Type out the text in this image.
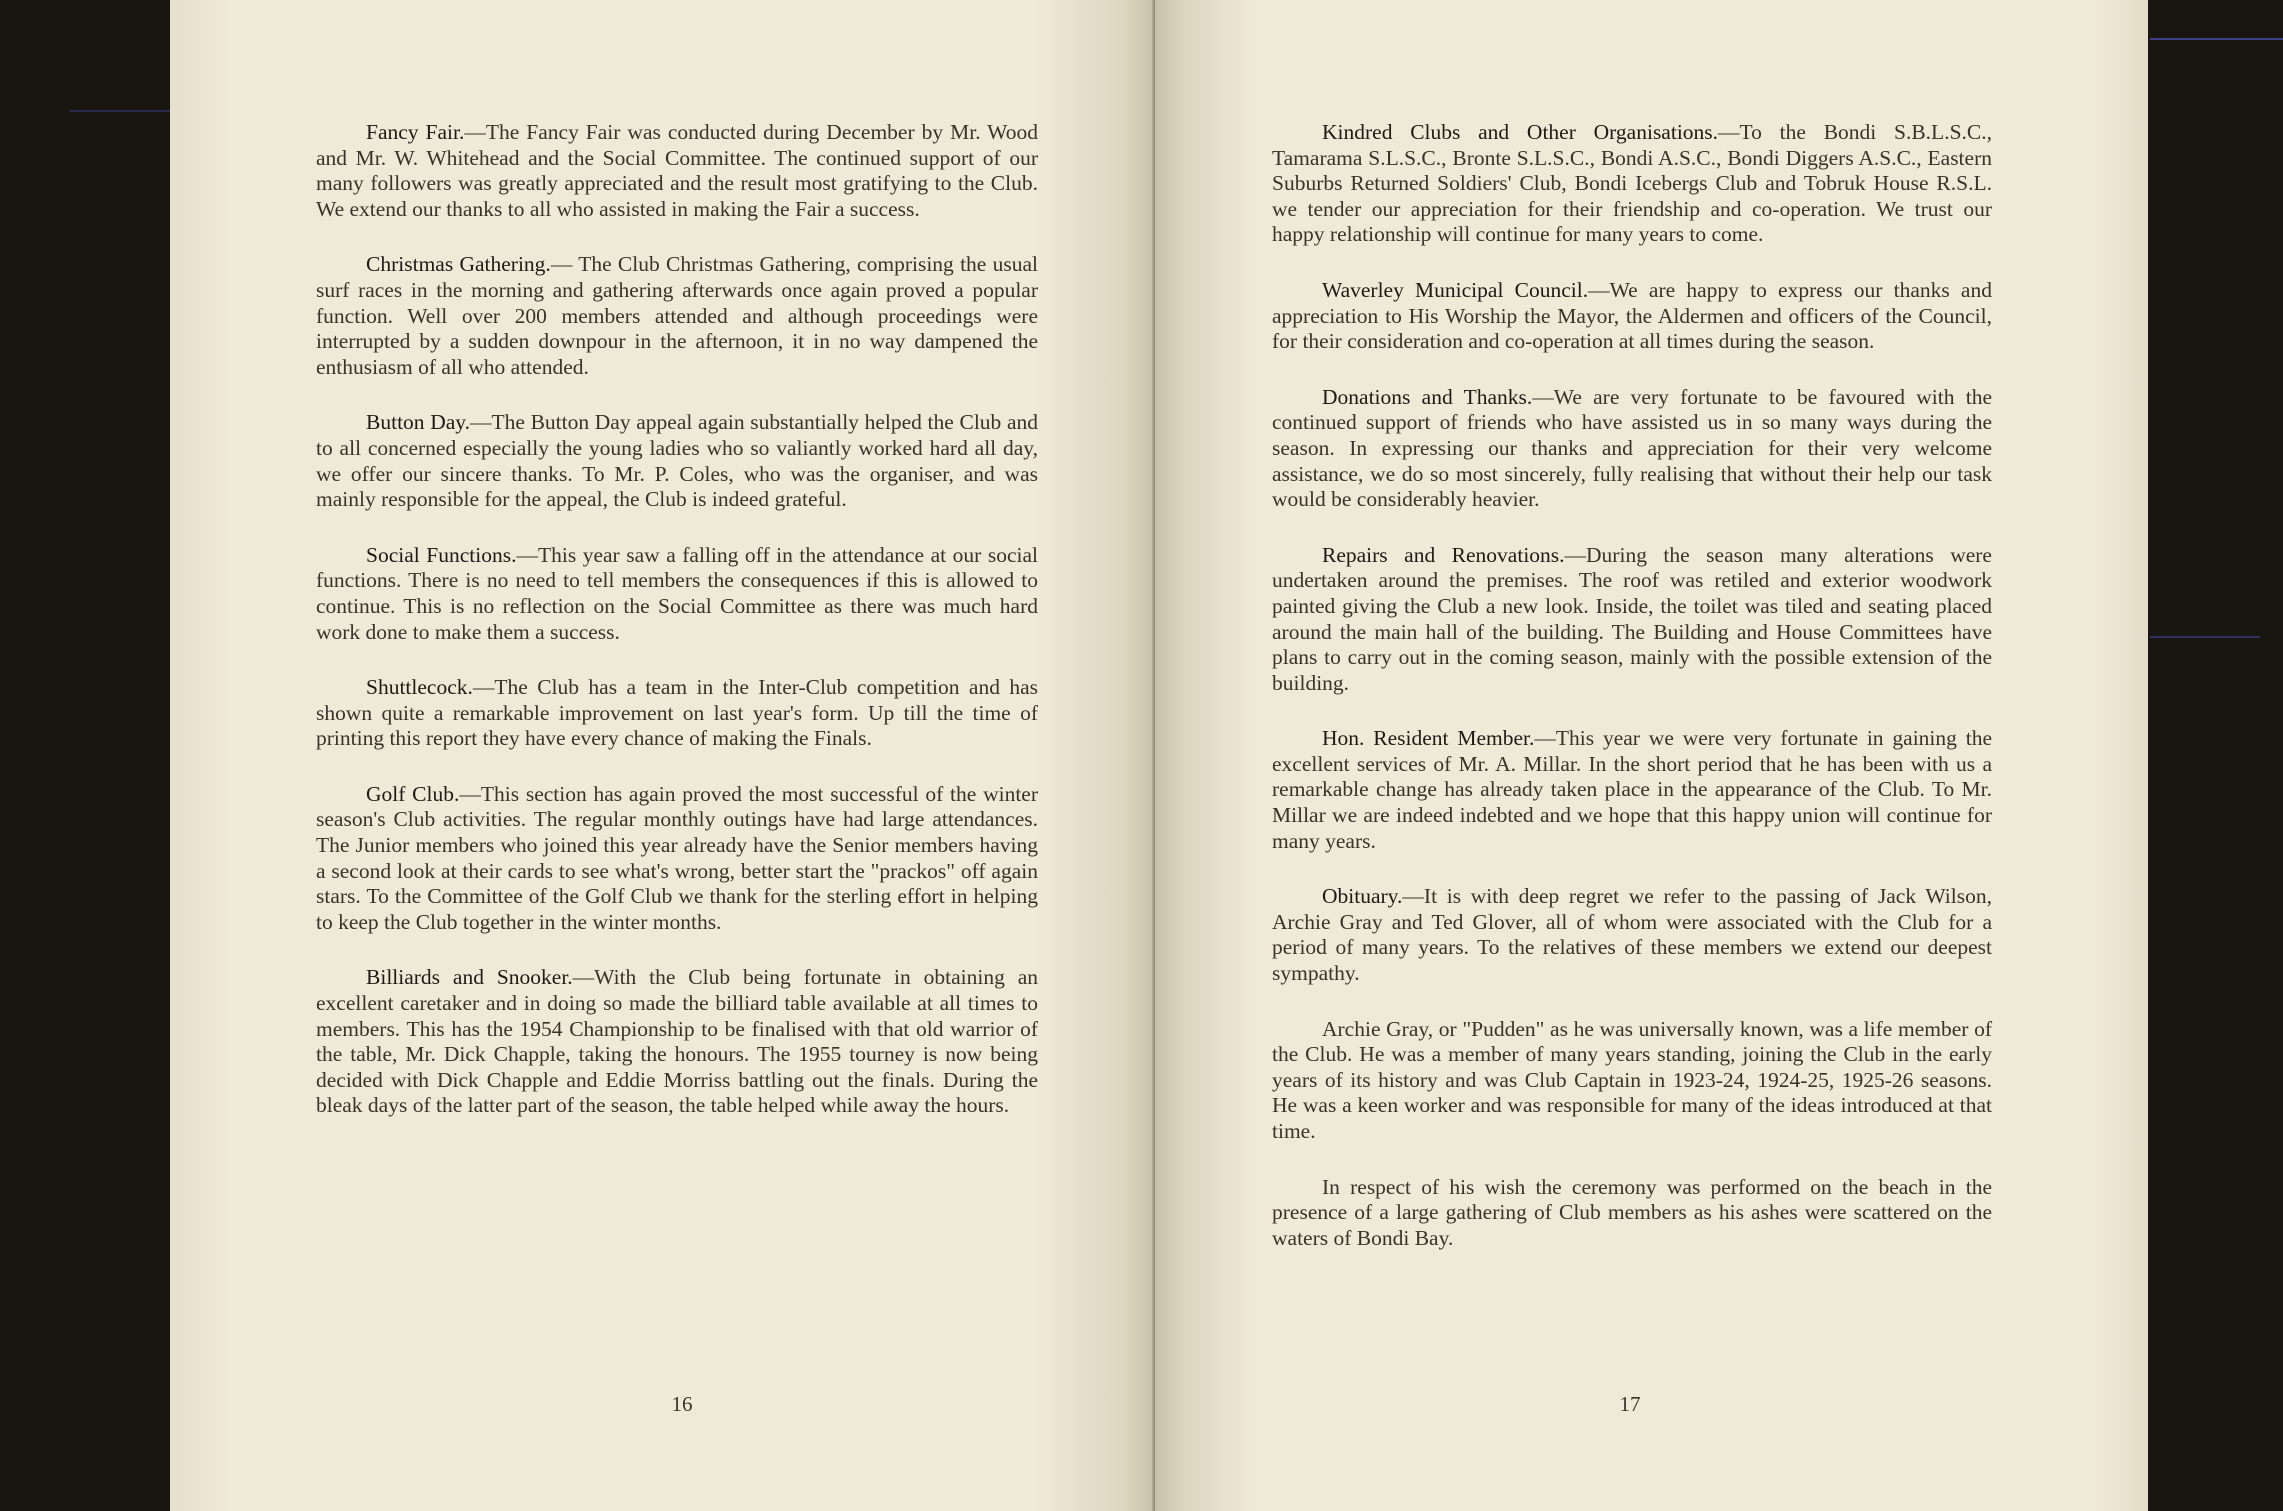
Fancy Fair.—The Fancy Fair was conducted during December by Mr. Wood and Mr. W. Whitehead and the Social Committee. The continued support of our many followers was greatly appreciated and the result most gratifying to the Club. We extend our thanks to all who assisted in making the Fair a success.

Christmas Gathering.— The Club Christmas Gathering, comprising the usual surf races in the morning and gathering afterwards once again proved a popular function. Well over 200 members attended and although proceedings were interrupted by a sudden downpour in the afternoon, it in no way dampened the enthusiasm of all who attended.

Button Day.—The Button Day appeal again substantially helped the Club and to all concerned especially the young ladies who so valiantly worked hard all day, we offer our sincere thanks. To Mr. P. Coles, who was the organiser, and was mainly responsible for the appeal, the Club is indeed grateful.

Social Functions.—This year saw a falling off in the attendance at our social functions. There is no need to tell members the consequences if this is allowed to continue. This is no reflection on the Social Committee as there was much hard work done to make them a success.

Shuttlecock.—The Club has a team in the Inter-Club competition and has shown quite a remarkable improvement on last year's form. Up till the time of printing this report they have every chance of making the Finals.

Golf Club.—This section has again proved the most successful of the winter season's Club activities. The regular monthly outings have had large attendances. The Junior members who joined this year already have the Senior members having a second look at their cards to see what's wrong, better start the "prackos" off again stars. To the Committee of the Golf Club we thank for the sterling effort in helping to keep the Club together in the winter months.

Billiards and Snooker.—With the Club being fortunate in obtaining an excellent caretaker and in doing so made the billiard table available at all times to members. This has the 1954 Championship to be finalised with that old warrior of the table, Mr. Dick Chapple, taking the honours. The 1955 tourney is now being decided with Dick Chapple and Eddie Morriss battling out the finals. During the bleak days of the latter part of the season, the table helped while away the hours.

16

Kindred Clubs and Other Organisations.—To the Bondi S.B.L.S.C., Tamarama S.L.S.C., Bronte S.L.S.C., Bondi A.S.C., Bondi Diggers A.S.C., Eastern Suburbs Returned Soldiers' Club, Bondi Icebergs Club and Tobruk House R.S.L. we tender our appreciation for their friendship and co-operation. We trust our happy relationship will continue for many years to come.

Waverley Municipal Council.—We are happy to express our thanks and appreciation to His Worship the Mayor, the Aldermen and officers of the Council, for their consideration and co-operation at all times during the season.

Donations and Thanks.—We are very fortunate to be favoured with the continued support of friends who have assisted us in so many ways during the season. In expressing our thanks and appreciation for their very welcome assistance, we do so most sincerely, fully realising that without their help our task would be considerably heavier.

Repairs and Renovations.—During the season many alterations were undertaken around the premises. The roof was retiled and exterior woodwork painted giving the Club a new look. Inside, the toilet was tiled and seating placed around the main hall of the building. The Building and House Committees have plans to carry out in the coming season, mainly with the possible extension of the building.

Hon. Resident Member.—This year we were very fortunate in gaining the excellent services of Mr. A. Millar. In the short period that he has been with us a remarkable change has already taken place in the appearance of the Club. To Mr. Millar we are indeed indebted and we hope that this happy union will continue for many years.

Obituary.—It is with deep regret we refer to the passing of Jack Wilson, Archie Gray and Ted Glover, all of whom were associated with the Club for a period of many years. To the relatives of these members we extend our deepest sympathy.

Archie Gray, or "Pudden" as he was universally known, was a life member of the Club. He was a member of many years standing, joining the Club in the early years of its history and was Club Captain in 1923-24, 1924-25, 1925-26 seasons. He was a keen worker and was responsible for many of the ideas introduced at that time.

In respect of his wish the ceremony was performed on the beach in the presence of a large gathering of Club members as his ashes were scattered on the waters of Bondi Bay.

17
